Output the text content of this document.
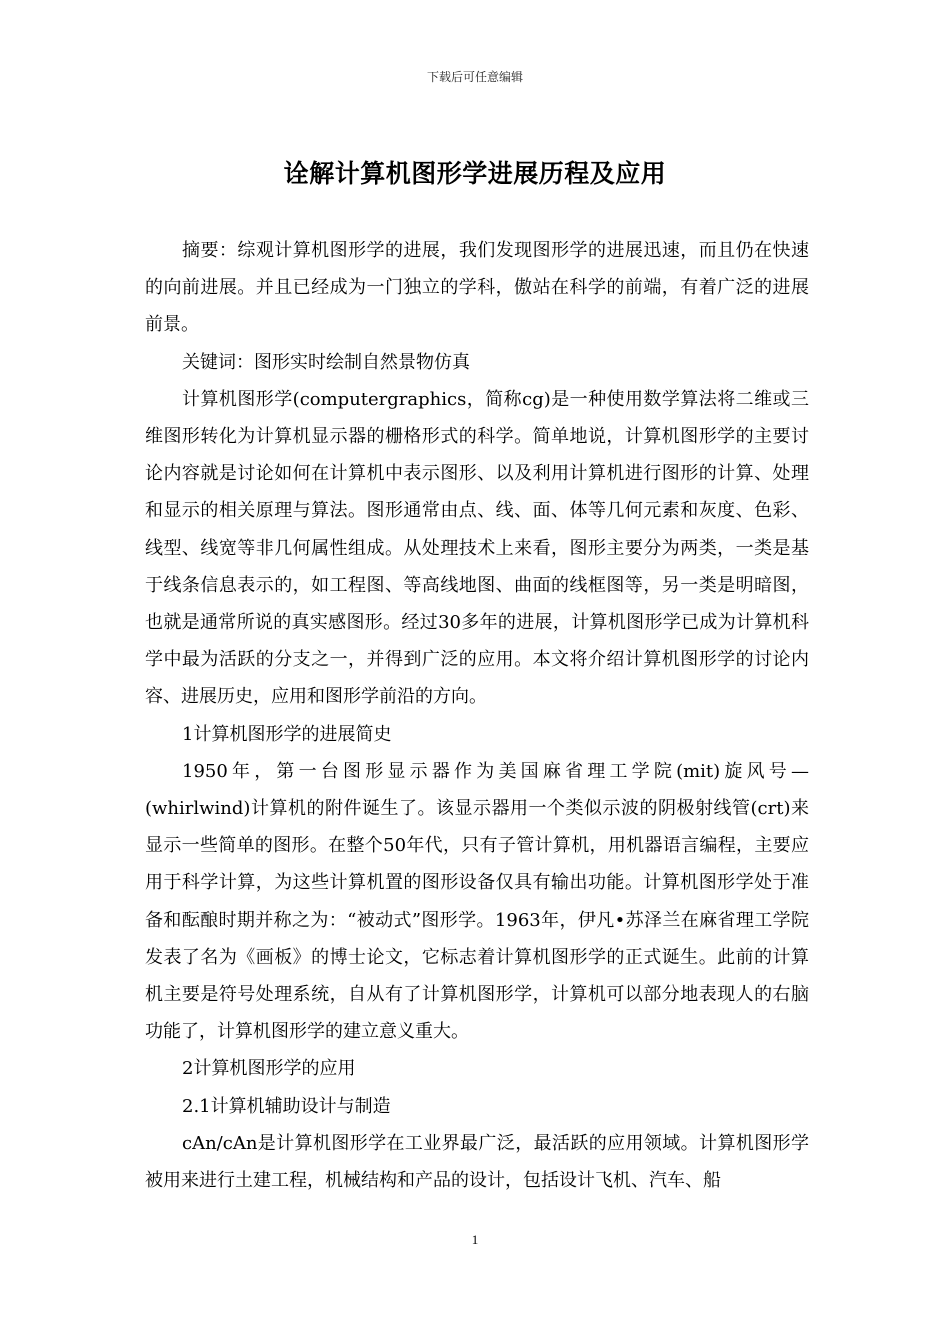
下载后可任意编辑
诠解计算机图形学进展历程及应用

摘要：综观计算机图形学的进展，我们发现图形学的进展迅速，而且仍在快速的向前进展。并且已经成为一门独立的学科，傲站在科学的前端，有着广泛的进展前景。

关键词：图形实时绘制自然景物仿真

计算机图形学(computergraphics，简称cg)是一种使用数学算法将二维或三维图形转化为计算机显示器的栅格形式的科学。简单地说，计算机图形学的主要讨论内容就是讨论如何在计算机中表示图形、以及利用计算机进行图形的计算、处理和显示的相关原理与算法。图形通常由点、线、面、体等几何元素和灰度、色彩、线型、线宽等非几何属性组成。从处理技术上来看，图形主要分为两类，一类是基于线条信息表示的，如工程图、等高线地图、曲面的线框图等，另一类是明暗图，也就是通常所说的真实感图形。经过30多年的进展，计算机图形学已成为计算机科学中最为活跃的分支之一，并得到广泛的应用。本文将介绍计算机图形学的讨论内容、进展历史，应用和图形学前沿的方向。

1计算机图形学的进展简史

1950年，第一台图形显示器作为美国麻省理工学院(mit)旋风号—(whirlwind)计算机的附件诞生了。该显示器用一个类似示波的阴极射线管(crt)来显示一些简单的图形。在整个50年代，只有子管计算机，用机器语言编程，主要应用于科学计算，为这些计算机置的图形设备仅具有输出功能。计算机图形学处于准备和酝酿时期并称之为：“被动式”图形学。1963年，伊凡•苏泽兰在麻省理工学院发表了名为《画板》的博士论文，它标志着计算机图形学的正式诞生。此前的计算机主要是符号处理系统，自从有了计算机图形学，计算机可以部分地表现人的右脑功能了，计算机图形学的建立意义重大。

2计算机图形学的应用

2.1计算机辅助设计与制造

cAn/cAn是计算机图形学在工业界最广泛，最活跃的应用领域。计算机图形学被用来进行土建工程，机械结构和产品的设计，包括设计飞机、汽车、船

1
